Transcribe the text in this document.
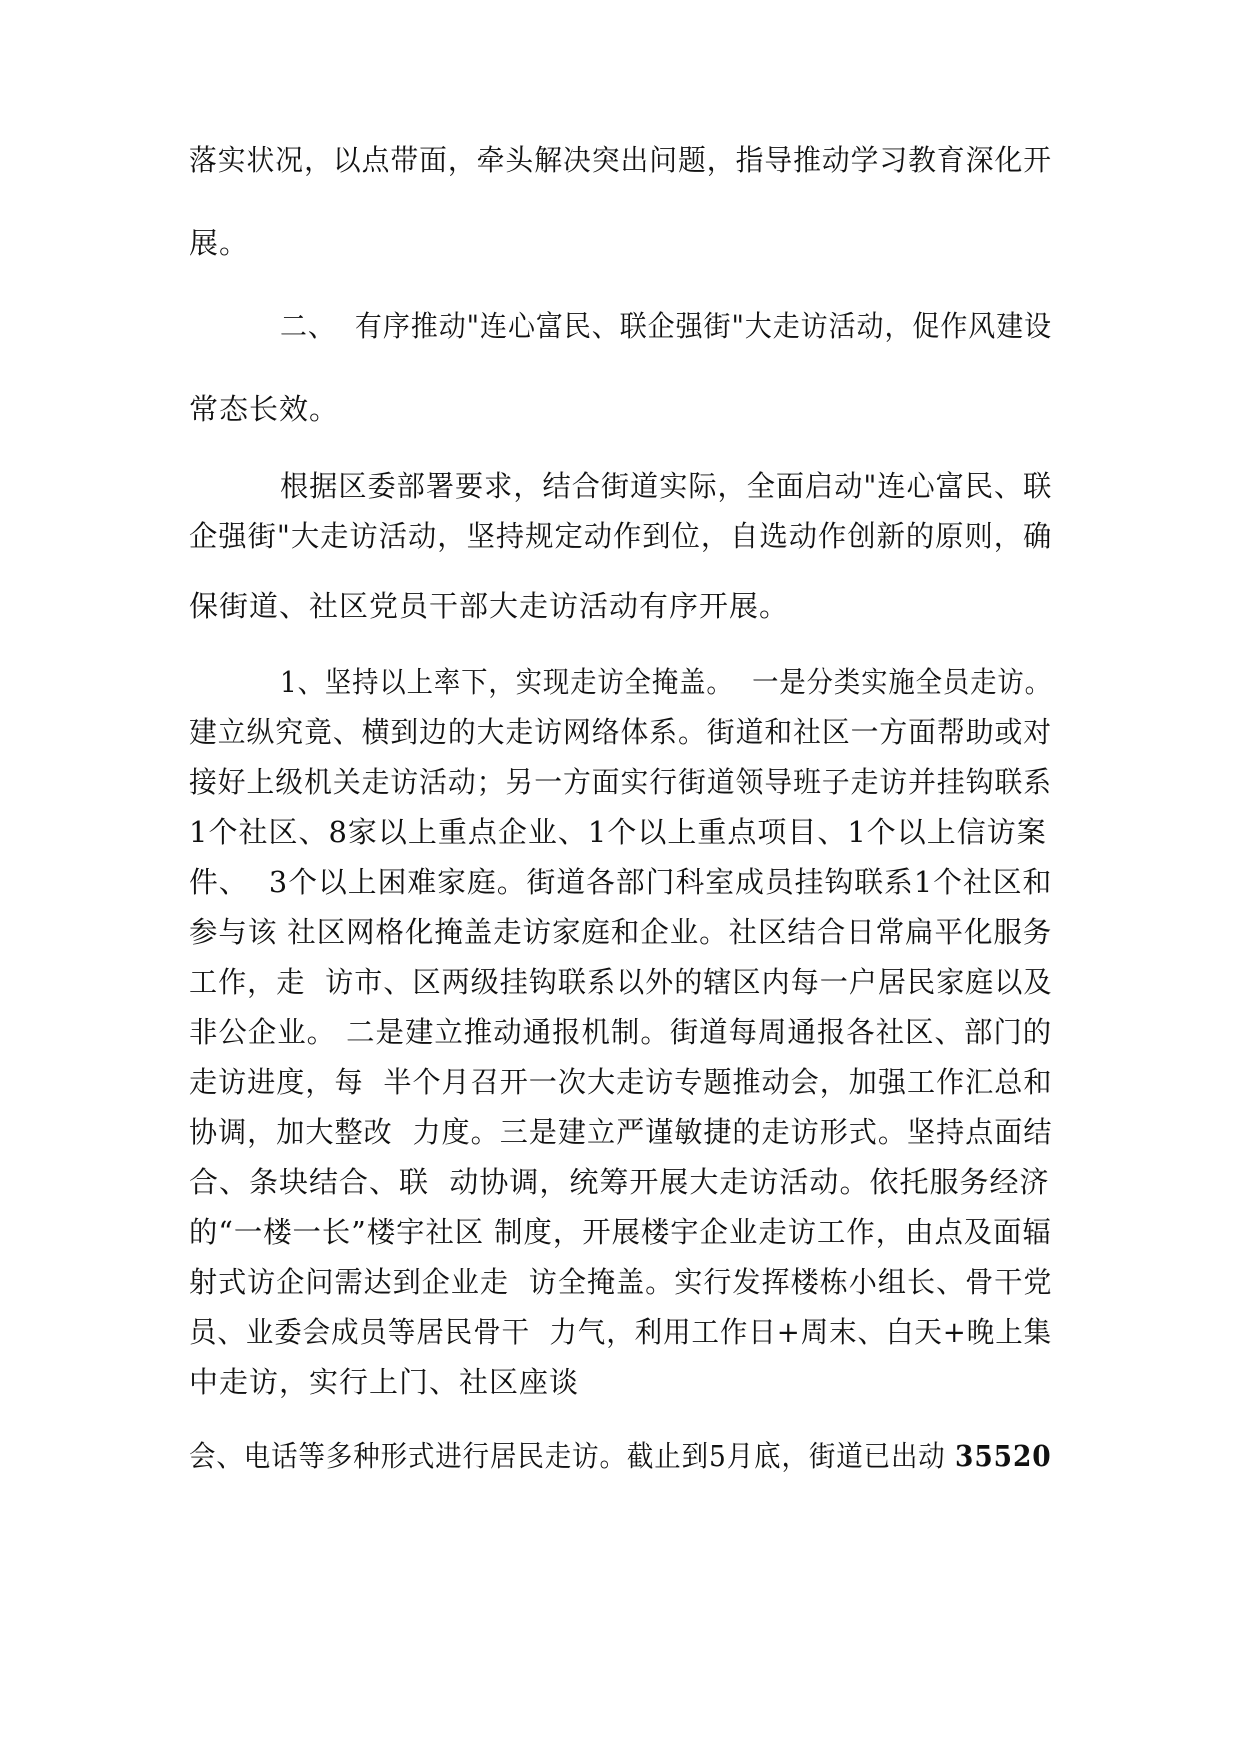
落实状况，以点带面，牵头解决突出问题，指导推动学习教育深化开
展。
二、  有序推动"连心富民、联企强街"大走访活动，促作风建设
常态长效。
根据区委部署要求，结合街道实际，全面启动"连心富民、联
企强街"大走访活动，坚持规定动作到位，自选动作创新的原则，确
保街道、社区党员干部大走访活动有序开展。
1、坚持以上率下，实现走访全掩盖。  一是分类实施全员走访。
建立纵究竟、横到边的大走访网络体系。街道和社区一方面帮助或对
接好上级机关走访活动；另一方面实行街道领导班子走访并挂钩联系
1个社区、8家以上重点企业、1个以上重点项目、1个以上信访案
件、  3个以上困难家庭。街道各部门科室成员挂钩联系1个社区和
参与该 社区网格化掩盖走访家庭和企业。社区结合日常扁平化服务
工作，走  访市、区两级挂钩联系以外的辖区内每一户居民家庭以及
非公企业。 二是建立推动通报机制。街道每周通报各社区、部门的
走访进度，每  半个月召开一次大走访专题推动会，加强工作汇总和
协调，加大整改  力度。三是建立严谨敏捷的走访形式。坚持点面结
合、条块结合、联  动协调，统筹开展大走访活动。依托服务经济
的“一楼一长”楼宇社区 制度，开展楼宇企业走访工作，由点及面辐
射式访企问需达到企业走  访全掩盖。实行发挥楼栋小组长、骨干党
员、业委会成员等居民骨干  力气，利用工作日+周末、白天+晚上集
中走访，实行上门、社区座谈
会、电话等多种形式进行居民走访。截止到5月底，街道已出动 35520
